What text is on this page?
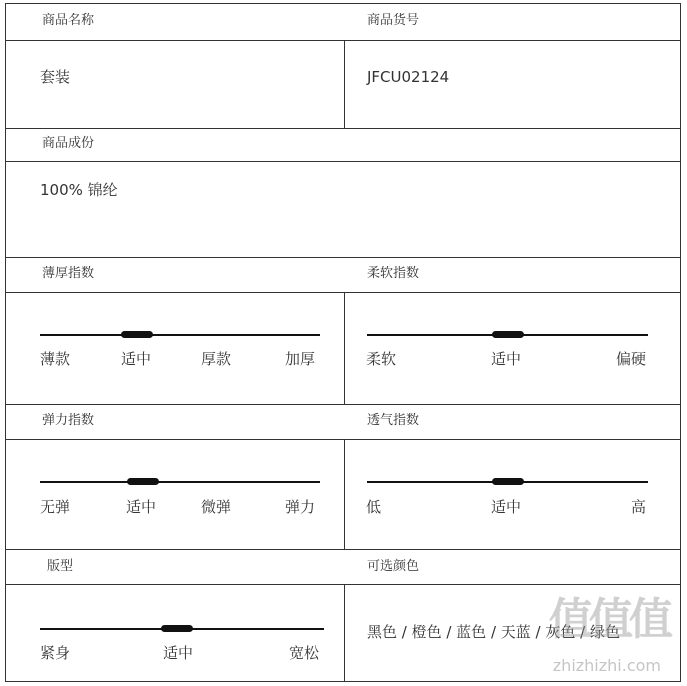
商品名称	商品货号
套装	JFCU02124
商品成份
100% 锦纶
薄厚指数	柔软指数
薄款	适中	厚款	加厚	柔软	适中	偏硬
弹力指数	透气指数
无弹	适中	微弹	弹力	低	适中	高
版型	可选颜色
紧身	适中	宽松
黑色 / 橙色 / 蓝色 / 天蓝 / 灰色 / 绿色
值值值
zhizhizhi.com
